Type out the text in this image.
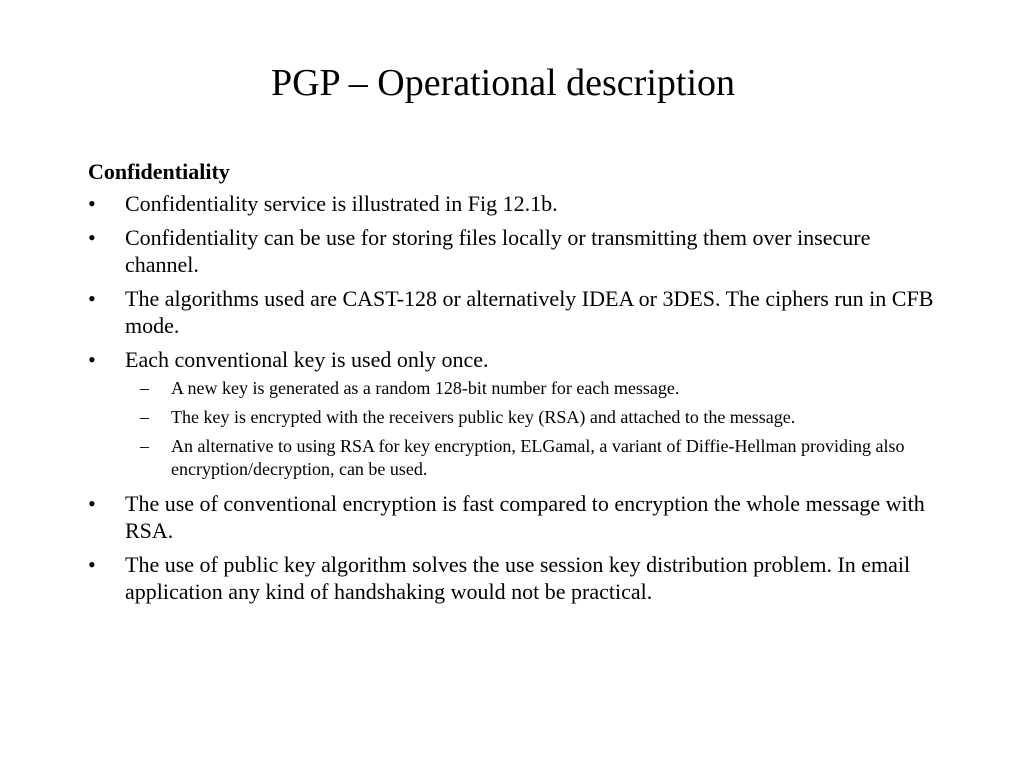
PGP – Operational description
Confidentiality
•	Confidentiality service is illustrated in Fig 12.1b.
•	Confidentiality can be use for storing files locally or transmitting them over insecure channel.
•	The algorithms used are CAST-128 or alternatively IDEA or 3DES. The ciphers run in CFB mode.
•	Each conventional key is used only once.
–	A new key is generated as a random 128-bit number for each message.
–	The key is encrypted with the receivers public key (RSA) and attached to the message.
–	An alternative to using RSA for key encryption, ELGamal, a variant of Diffie-Hellman providing also encryption/decryption, can be used.
•	The use of conventional encryption is fast compared to encryption the whole message with RSA.
•	The use of public key algorithm solves the use session key distribution problem. In email application any kind of handshaking would not be practical.
